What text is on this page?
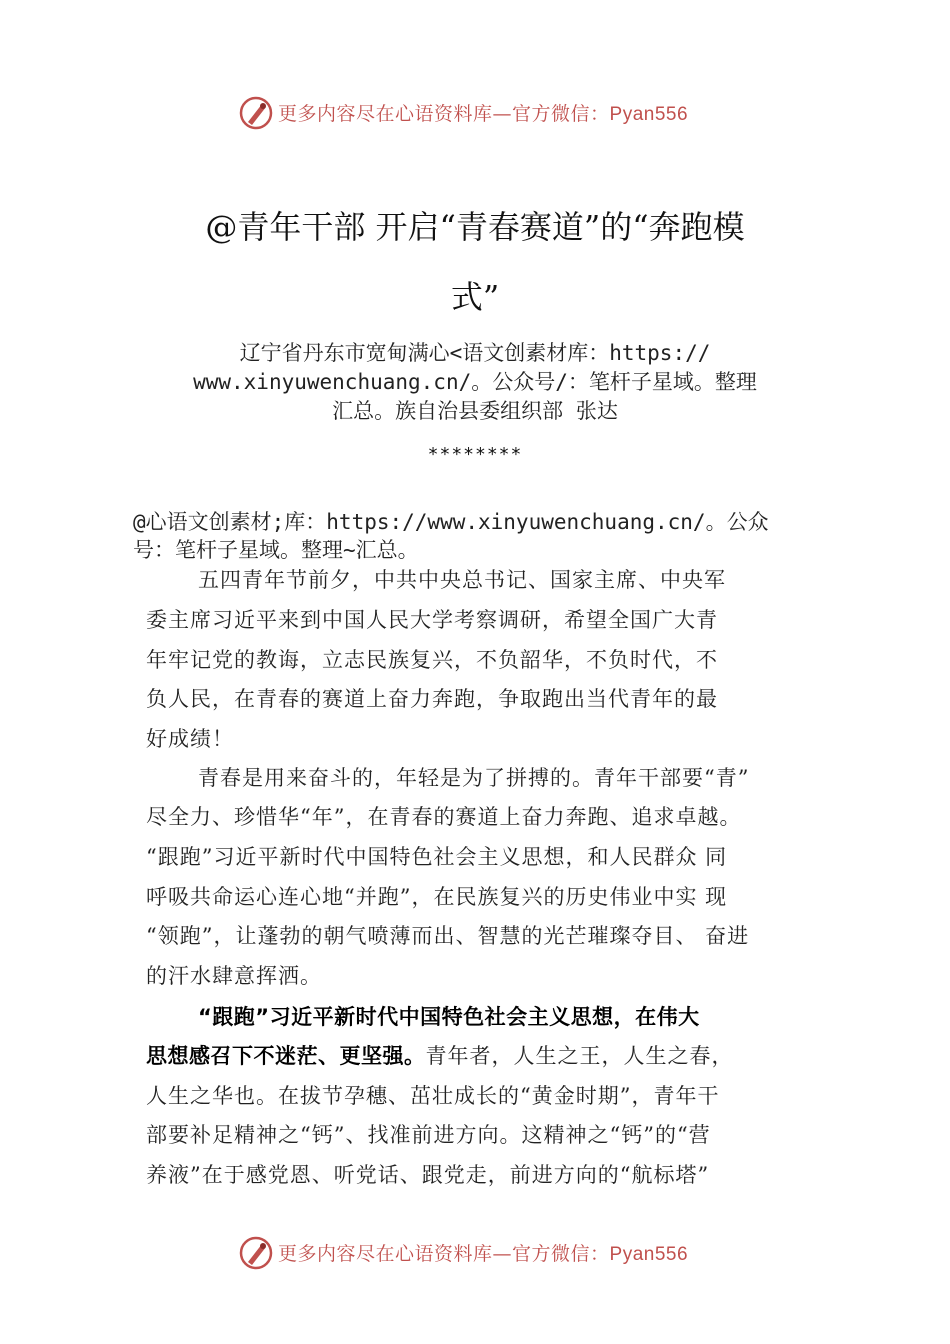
更多内容尽在心语资料库—官方微信：Pyan556
@青年干部 开启“青春赛道”的“奔跑模
式”
辽宁省丹东市宽甸满心<语文创素材库：https://
www.xinyuwenchuang.cn/。公众号/：笔杆子星域。整理
汇总。族自治县委组织部 张达
********
@心语文创素材;库：https://www.xinyuwenchuang.cn/。公众
号：笔杆子星域。整理~汇总。
五四青年节前夕，中共中央总书记、国家主席、中央军
委主席习近平来到中国人民大学考察调研，希望全国广大青
年牢记党的教诲，立志民族复兴，不负韶华，不负时代，不
负人民，在青春的赛道上奋力奔跑，争取跑出当代青年的最
好成绩！
青春是用来奋斗的，年轻是为了拼搏的。青年干部要“青”
尽全力、珍惜华“年”，在青春的赛道上奋力奔跑、追求卓越。
“跟跑”习近平新时代中国特色社会主义思想，和人民群众 同
呼吸共命运心连心地“并跑”，在民族复兴的历史伟业中实 现
“领跑”，让蓬勃的朝气喷薄而出、智慧的光芒璀璨夺目、 奋进
的汗水肆意挥洒。
“跟跑”习近平新时代中国特色社会主义思想，在伟大
思想感召下不迷茫、更坚强。青年者，人生之王，人生之春，
人生之华也。在拔节孕穗、茁壮成长的“黄金时期”，青年干
部要补足精神之“钙”、找准前进方向。这精神之“钙”的“营
养液”在于感党恩、听党话、跟党走，前进方向的“航标塔”
更多内容尽在心语资料库—官方微信：Pyan556
